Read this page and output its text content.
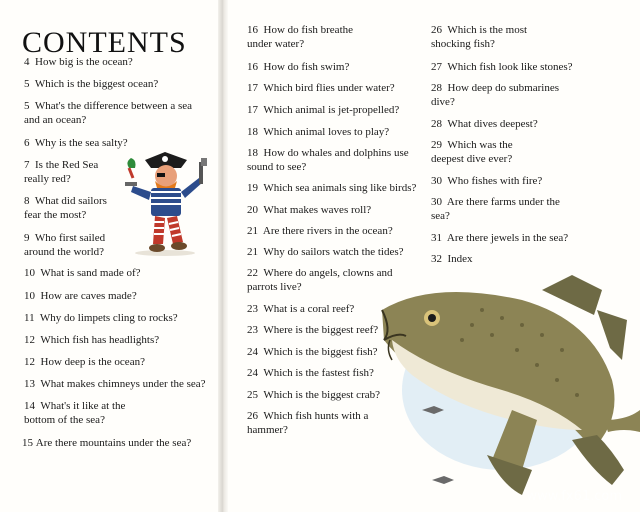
CONTENTS
4 How big is the ocean?
5 Which is the biggest ocean?
5 What's the difference between a sea
and an ocean?
6 Why is the sea salty?
7 Is the Red Sea
really red?
8 What did sailors
fear the most?
9 Who first sailed
around the world?
10 What is sand made of?
10 How are caves made?
11 Why do limpets cling to rocks?
12 Which fish has headlights?
12 How deep is the ocean?
13 What makes chimneys under the sea?
14 What's it like at the
bottom of the sea?
15 Are there mountains under the sea?
16 How do fish breathe
under water?
16 How do fish swim?
17 Which bird flies under water?
17 Which animal is jet-propelled?
18 Which animal loves to play?
18 How do whales and dolphins use
sound to see?
19 Which sea animals sing like birds?
20 What makes waves roll?
21 Are there rivers in the ocean?
21 Why do sailors watch the tides?
22 Where do angels, clowns and
parrots live?
23 What is a coral reef?
23 Where is the biggest reef?
24 Which is the biggest fish?
24 Which is the fastest fish?
25 Which is the biggest crab?
26 Which fish hunts with a
hammer?
26 Which is the most
shocking fish?
27 Which fish look like stones?
28 How deep do submarines
dive?
28 What dives deepest?
29 Which was the
deepest dive ever?
30 Who fishes with fire?
30 Are there farms under the
sea?
31 Are there jewels in the sea?
32 Index
www.fx61.com
